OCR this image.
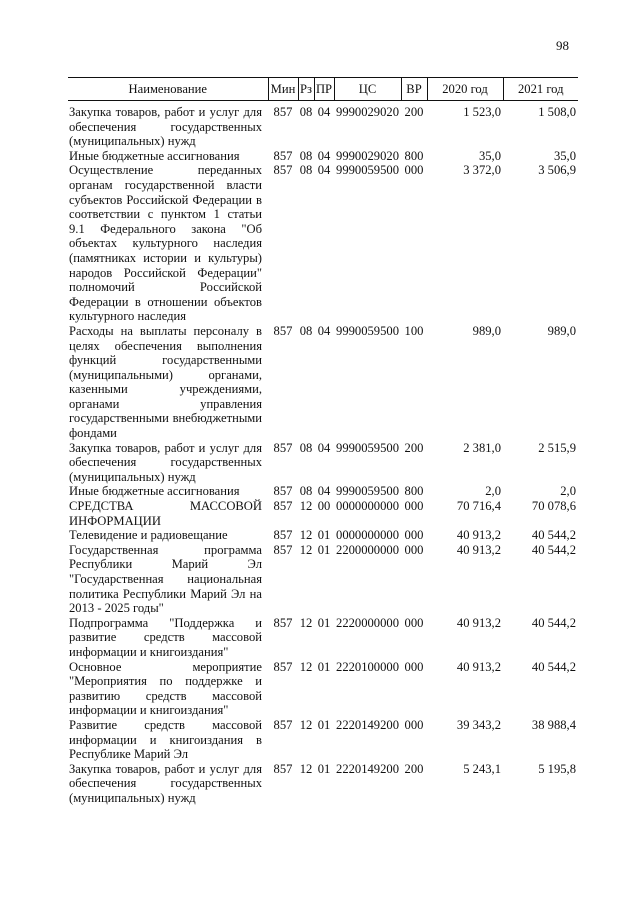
98
Наименование	Мин	Рз	ПР	ЦС	ВР	2020 год	2021 год
Закупка товаров, работ и услуг для обеспечения государственных (муниципальных) нужд	857	08	04	9990029020	200	1 523,0	1 508,0
Иные бюджетные ассигнования	857	08	04	9990029020	800	35,0	35,0
Осуществление переданных органам государственной власти субъектов Российской Федерации в соответствии с пунктом 1 статьи 9.1 Федерального закона "Об объектах культурного наследия (памятниках истории и культуры) народов Российской Федерации" полномочий Российской Федерации в отношении объектов культурного наследия	857	08	04	9990059500	000	3 372,0	3 506,9
Расходы на выплаты персоналу в целях обеспечения выполнения функций государственными (муниципальными) органами, казенными учреждениями, органами управления государственными внебюджетными фондами	857	08	04	9990059500	100	989,0	989,0
Закупка товаров, работ и услуг для обеспечения государственных (муниципальных) нужд	857	08	04	9990059500	200	2 381,0	2 515,9
Иные бюджетные ассигнования	857	08	04	9990059500	800	2,0	2,0
СРЕДСТВА МАССОВОЙ ИНФОРМАЦИИ	857	12	00	0000000000	000	70 716,4	70 078,6
Телевидение и радиовещание	857	12	01	0000000000	000	40 913,2	40 544,2
Государственная программа Республики Марий Эл "Государственная национальная политика Республики Марий Эл на 2013 - 2025 годы"	857	12	01	2200000000	000	40 913,2	40 544,2
Подпрограмма "Поддержка и развитие средств массовой информации и книгоиздания"	857	12	01	2220000000	000	40 913,2	40 544,2
Основное мероприятие "Мероприятия по поддержке и развитию средств массовой информации и книгоиздания"	857	12	01	2220100000	000	40 913,2	40 544,2
Развитие средств массовой информации и книгоиздания в Республике Марий Эл	857	12	01	2220149200	000	39 343,2	38 988,4
Закупка товаров, работ и услуг для обеспечения государственных (муниципальных) нужд	857	12	01	2220149200	200	5 243,1	5 195,8
